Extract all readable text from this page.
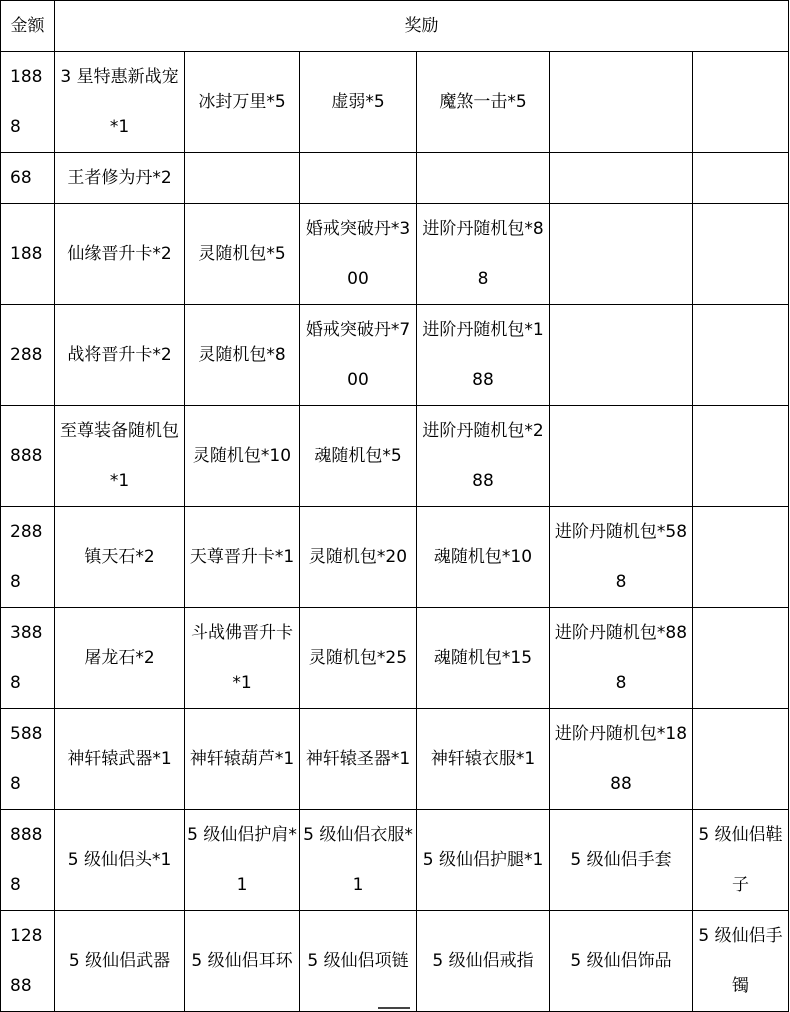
金额	奖励					
1888	3 星特惠新战宠*1	冰封万里*5	虚弱*5	魔煞一击*5		
68	王者修为丹*2					
188	仙缘晋升卡*2	灵随机包*5	婚戒突破丹*300	进阶丹随机包*88		
288	战将晋升卡*2	灵随机包*8	婚戒突破丹*700	进阶丹随机包*188		
888	至尊装备随机包*1	灵随机包*10	魂随机包*5	进阶丹随机包*288		
2888	镇天石*2	天尊晋升卡*1	灵随机包*20	魂随机包*10	进阶丹随机包*588	
3888	屠龙石*2	斗战佛晋升卡*1	灵随机包*25	魂随机包*15	进阶丹随机包*888	
5888	神轩辕武器*1	神轩辕葫芦*1	神轩辕圣器*1	神轩辕衣服*1	进阶丹随机包*1888	
8888	5 级仙侣头*1	5 级仙侣护肩*1	5 级仙侣衣服*1	5 级仙侣护腿*1	5 级仙侣手套	5 级仙侣鞋子
12888	5 级仙侣武器	5 级仙侣耳环	5 级仙侣项链	5 级仙侣戒指	5 级仙侣饰品	5 级仙侣手镯
